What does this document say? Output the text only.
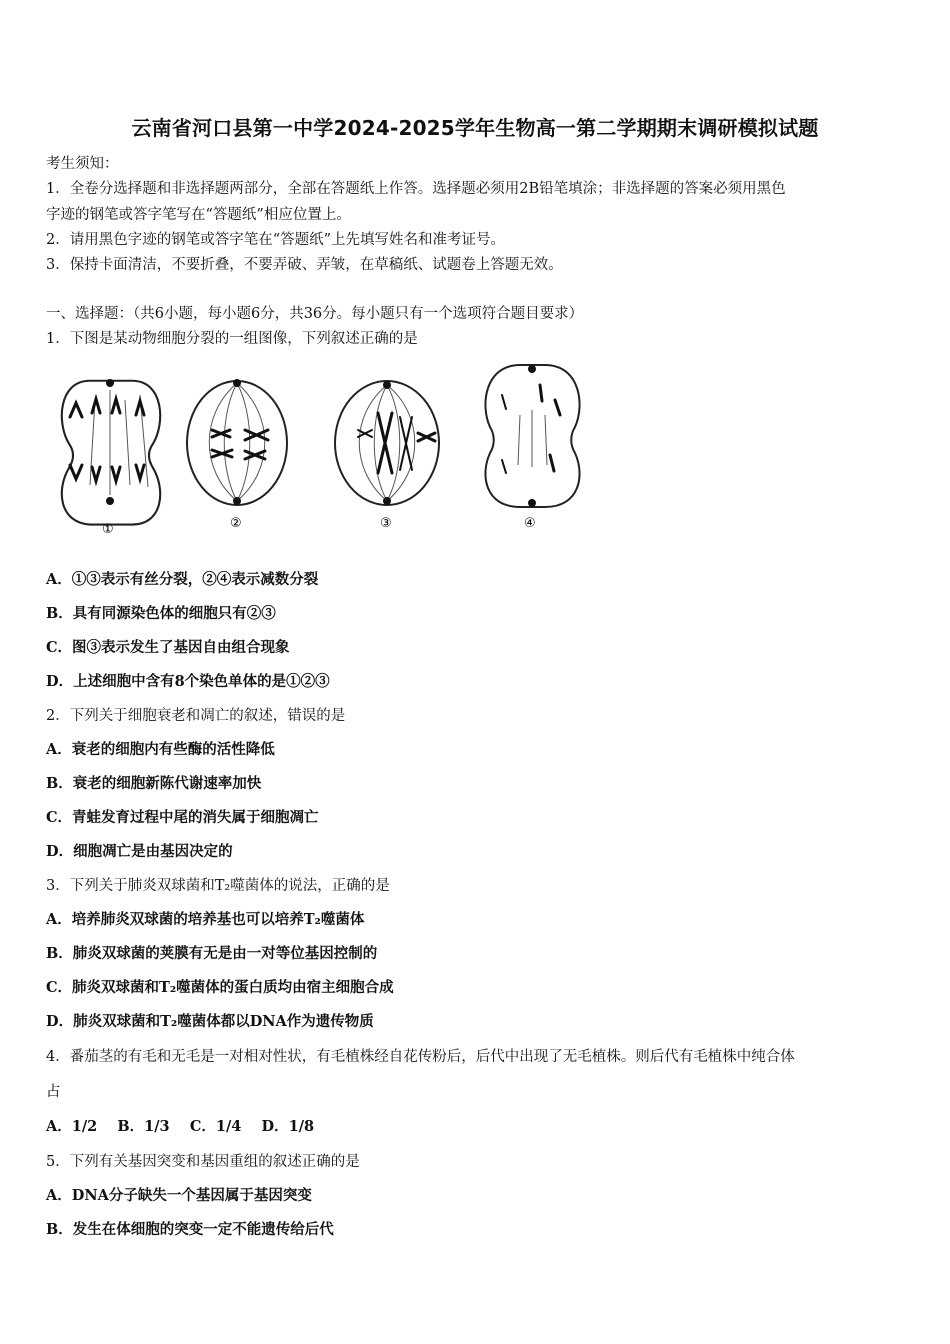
云南省河口县第一中学2024-2025学年生物高一第二学期期末调研模拟试题
考生须知：
1．全卷分选择题和非选择题两部分，全部在答题纸上作答。选择题必须用2B铅笔填涂；非选择题的答案必须用黑色
字迹的钢笔或答字笔写在“答题纸”相应位置上。
2．请用黑色字迹的钢笔或答字笔在“答题纸”上先填写姓名和准考证号。
3．保持卡面清洁，不要折叠，不要弄破、弄皱，在草稿纸、试题卷上答题无效。
一、选择题：（共6小题，每小题6分，共36分。每小题只有一个选项符合题目要求）
1．下图是某动物细胞分裂的一组图像，下列叙述正确的是
①	②	③	④
A．①③表示有丝分裂，②④表示减数分裂
B．具有同源染色体的细胞只有②③
C．图③表示发生了基因自由组合现象
D．上述细胞中含有8个染色单体的是①②③
2．下列关于细胞衰老和凋亡的叙述，错误的是
A．衰老的细胞内有些酶的活性降低
B．衰老的细胞新陈代谢速率加快
C．青蛙发育过程中尾的消失属于细胞凋亡
D．细胞凋亡是由基因决定的
3．下列关于肺炎双球菌和T₂噬菌体的说法，正确的是
A．培养肺炎双球菌的培养基也可以培养T₂噬菌体
B．肺炎双球菌的荚膜有无是由一对等位基因控制的
C．肺炎双球菌和T₂噬菌体的蛋白质均由宿主细胞合成
D．肺炎双球菌和T₂噬菌体都以DNA作为遗传物质
4．番茄茎的有毛和无毛是一对相对性状，有毛植株经自花传粉后，后代中出现了无毛植株。则后代有毛植株中纯合体
占
A．1/2    B．1/3    C．1/4    D．1/8
5．下列有关基因突变和基因重组的叙述正确的是
A．DNA分子缺失一个基因属于基因突变
B．发生在体细胞的突变一定不能遗传给后代
